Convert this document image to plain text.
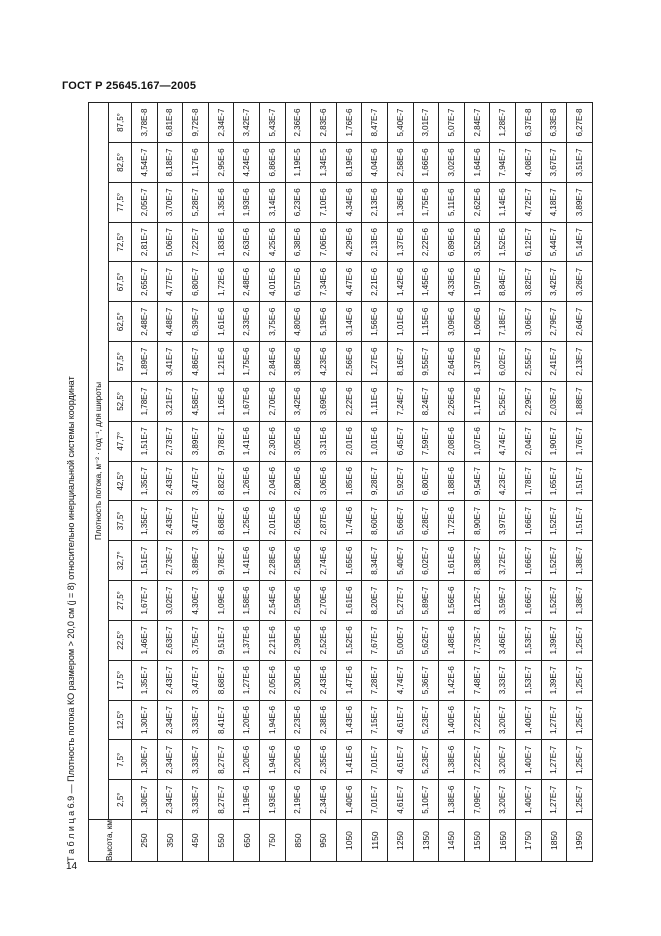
ГОСТ Р 25645.167—2005
Т а б л и ц а 6.9 — Плотность потока КО размером > 20,0 см (j = 8) относительно инерциальной системы координат	Высота, км	Плотность потока, м⁻² · год⁻¹, для широты																	
	2,5°	7,5°	12,5°	17,5°	22,5°	27,5°	32,7°	37,5°	42,5°	47,7°	52,5°	57,5°	62,5°	67,5°	72,5°	77,5°	82,5°	87,5°
250	1,30E-7	1,30E-7	1,30E-7	1,35E-7	1,46E-7	1,67E-7	1,51E-7	1,35E-7	1,35E-7	1,51E-7	1,78E-7	1,89E-7	2,48E-7	2,65E-7	2,81E-7	2,05E-7	4,54E-7	3,78E-8
350	2,34E-7	2,34E-7	2,34E-7	2,43E-7	2,63E-7	3,02E-7	2,73E-7	2,43E-7	2,43E-7	2,73E-7	3,21E-7	3,41E-7	4,48E-7	4,77E-7	5,06E-7	3,70E-7	8,18E-7	6,81E-8
450	3,33E-7	3,33E-7	3,33E-7	3,47E-7	3,75E-7	4,30E-7	3,89E-7	3,47E-7	3,47E-7	3,89E-7	4,58E-7	4,86E-7	6,39E-7	6,80E-7	7,22E-7	5,28E-7	1,17E-6	9,72E-8
550	8,27E-7	8,27E-7	8,41E-7	8,68E-7	9,51E-7	1,09E-6	9,78E-7	8,68E-7	8,82E-7	9,78E-7	1,16E-6	1,21E-6	1,61E-6	1,72E-6	1,83E-6	1,35E-6	2,95E-6	2,34E-7
650	1,19E-6	1,20E-6	1,20E-6	1,27E-6	1,37E-6	1,58E-6	1,41E-6	1,25E-6	1,26E-6	1,41E-6	1,67E-6	1,75E-6	2,33E-6	2,48E-6	2,63E-6	1,93E-6	4,24E-6	3,42E-7
750	1,93E-6	1,94E-6	1,94E-6	2,05E-6	2,21E-6	2,54E-6	2,28E-6	2,01E-6	2,04E-6	2,30E-6	2,70E-6	2,84E-6	3,75E-6	4,01E-6	4,25E-6	3,14E-6	6,86E-6	5,43E-7
850	2,19E-6	2,20E-6	2,23E-6	2,30E-6	2,39E-6	2,59E-6	2,58E-6	2,65E-6	2,80E-6	3,05E-6	3,42E-6	3,86E-6	4,80E-6	6,57E-6	6,38E-6	6,23E-6	1,19E-5	2,36E-6
950	2,34E-6	2,35E-6	2,38E-6	2,43E-6	2,52E-6	2,70E-6	2,74E-6	2,87E-6	3,06E-6	3,31E-6	3,69E-6	4,23E-6	5,19E-6	7,34E-6	7,06E-6	7,10E-6	1,34E-5	2,83E-6
1050	1,40E-6	1,41E-6	1,43E-6	1,47E-6	1,52E-6	1,61E-6	1,65E-6	1,74E-6	1,85E-6	2,01E-6	2,22E-6	2,56E-6	3,14E-6	4,47E-6	4,29E-6	4,34E-6	8,19E-6	1,76E-6
1150	7,01E-7	7,01E-7	7,15E-7	7,28E-7	7,67E-7	8,20E-7	8,34E-7	8,60E-7	9,28E-7	1,01E-6	1,11E-6	1,27E-6	1,56E-6	2,21E-6	2,13E-6	2,13E-6	4,04E-6	8,47E-7
1250	4,61E-7	4,61E-7	4,61E-7	4,74E-7	5,00E-7	5,27E-7	5,40E-7	5,66E-7	5,92E-7	6,45E-7	7,24E-7	8,16E-7	1,01E-6	1,42E-6	1,37E-6	1,36E-6	2,58E-6	5,40E-7
1350	5,10E-7	5,23E-7	5,23E-7	5,36E-7	5,62E-7	5,89E-7	6,02E-7	6,28E-7	6,80E-7	7,59E-7	8,24E-7	9,55E-7	1,15E-6	1,45E-6	2,22E-6	1,75E-6	1,66E-6	3,01E-7
1450	1,38E-6	1,38E-6	1,40E-6	1,42E-6	1,48E-6	1,56E-6	1,61E-6	1,72E-6	1,88E-6	2,08E-6	2,26E-6	2,64E-6	3,09E-6	4,33E-6	6,89E-6	5,11E-6	3,02E-6	5,07E-7
1550	7,09E-7	7,22E-7	7,22E-7	7,48E-7	7,73E-7	8,12E-7	8,38E-7	8,90E-7	9,54E-7	1,07E-6	1,17E-6	1,37E-6	1,60E-6	1,97E-6	3,52E-6	2,62E-6	1,64E-6	2,84E-7
1650	3,20E-7	3,20E-7	3,20E-7	3,33E-7	3,46E-7	3,59E-7	3,72E-7	3,97E-7	4,23E-7	4,74E-7	5,25E-7	6,02E-7	7,18E-7	8,84E-7	1,52E-6	1,14E-6	7,94E-7	1,28E-7
1750	1,40E-7	1,40E-7	1,40E-7	1,53E-7	1,53E-7	1,66E-7	1,66E-7	1,66E-7	1,78E-7	2,04E-7	2,29E-7	2,55E-7	3,06E-7	3,82E-7	6,12E-7	4,72E-7	4,08E-7	6,37E-8
1850	1,27E-7	1,27E-7	1,27E-7	1,39E-7	1,39E-7	1,52E-7	1,52E-7	1,52E-7	1,65E-7	1,90E-7	2,03E-7	2,41E-7	2,79E-7	3,42E-7	5,44E-7	4,18E-7	3,67E-7	6,33E-8
1950	1,25E-7	1,25E-7	1,25E-7	1,25E-7	1,25E-7	1,38E-7	1,38E-7	1,51E-7	1,51E-7	1,76E-7	1,88E-7	2,13E-7	2,64E-7	3,26E-7	5,14E-7	3,89E-7	3,51E-7	6,27E-8
14
